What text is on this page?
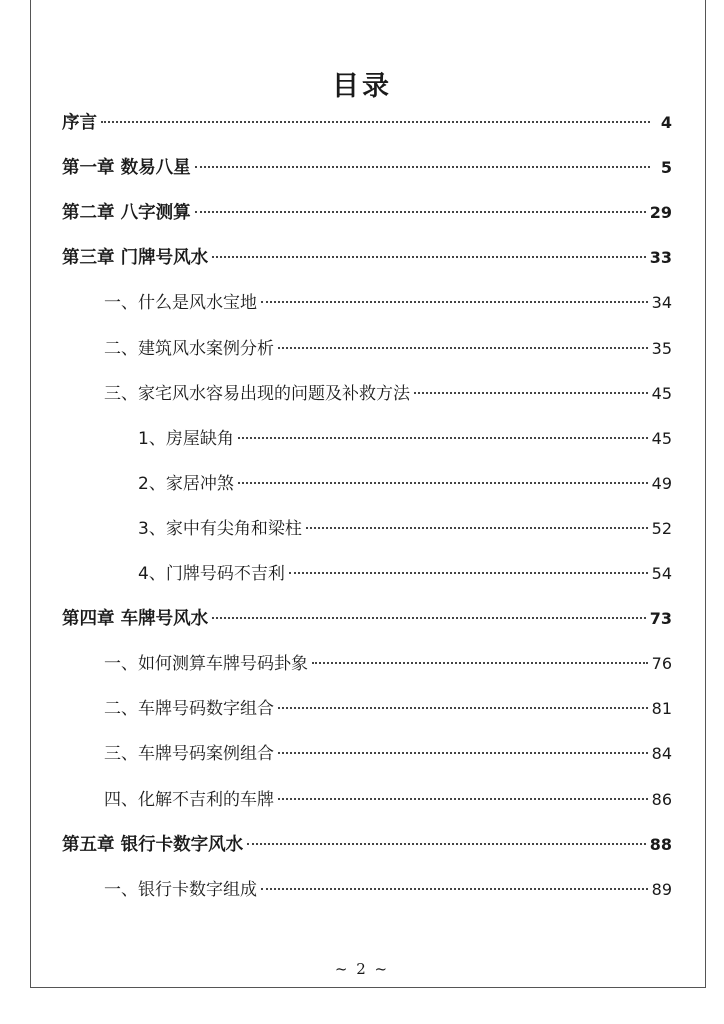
目录
序言	4
第一章 数易八星	5
第二章 八字测算	29
第三章 门牌号风水	33
一、什么是风水宝地	34
二、建筑风水案例分析	35
三、家宅风水容易出现的问题及补救方法	45
1、房屋缺角	45
2、家居冲煞	49
3、家中有尖角和梁柱	52
4、门牌号码不吉利	54
第四章 车牌号风水	73
一、如何测算车牌号码卦象	76
二、车牌号码数字组合	81
三、车牌号码案例组合	84
四、化解不吉利的车牌	86
第五章 银行卡数字风水	88
一、银行卡数字组成	89
~ 2 ~
